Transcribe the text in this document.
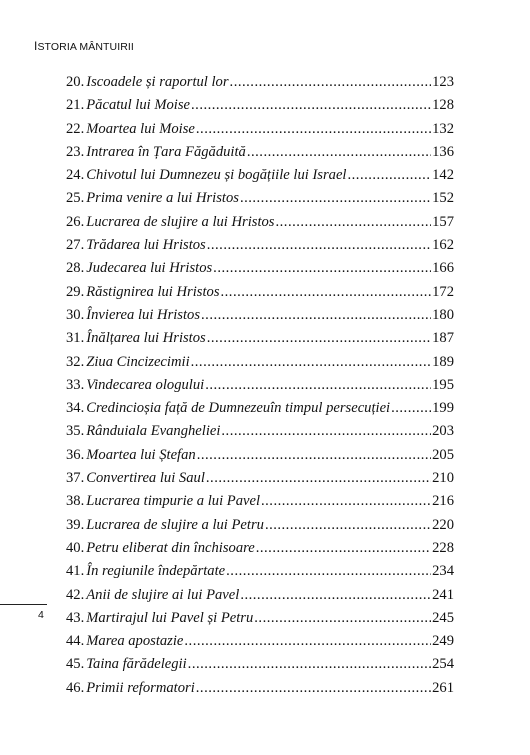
ISTORIA MÂNTUIRII
20. Iscoadele și raportul lor .....	123
21. Păcatul lui Moise .....	128
22. Moartea lui Moise .....	132
23. Intrarea în Țara Făgăduită .....	136
24. Chivotul lui Dumnezeu și bogățiile lui Israel .....	142
25. Prima venire a lui Hristos .....	152
26. Lucrarea de slujire a lui Hristos .....	157
27. Trădarea lui Hristos .....	162
28. Judecarea lui Hristos .....	166
29. Răstignirea lui Hristos .....	172
30. Învierea lui Hristos .....	180
31. Înălțarea lui Hristos .....	187
32. Ziua Cincizecimii .....	189
33. Vindecarea ologului .....	195
34. Credincioșia față de Dumnezeuîn timpul persecuției .....	199
35. Rânduiala Evangheliei .....	203
36. Moartea lui Ștefan .....	205
37. Convertirea lui Saul .....	210
38. Lucrarea timpurie a lui Pavel .....	216
39. Lucrarea de slujire a lui Petru .....	220
40. Petru eliberat din închisoare .....	228
41. În regiunile îndepărtate .....	234
42. Anii de slujire ai lui Pavel .....	241
43. Martirajul lui Pavel și Petru .....	245
44. Marea apostazie .....	249
45. Taina fărădelegii .....	254
46. Primii reformatori .....	261
4
